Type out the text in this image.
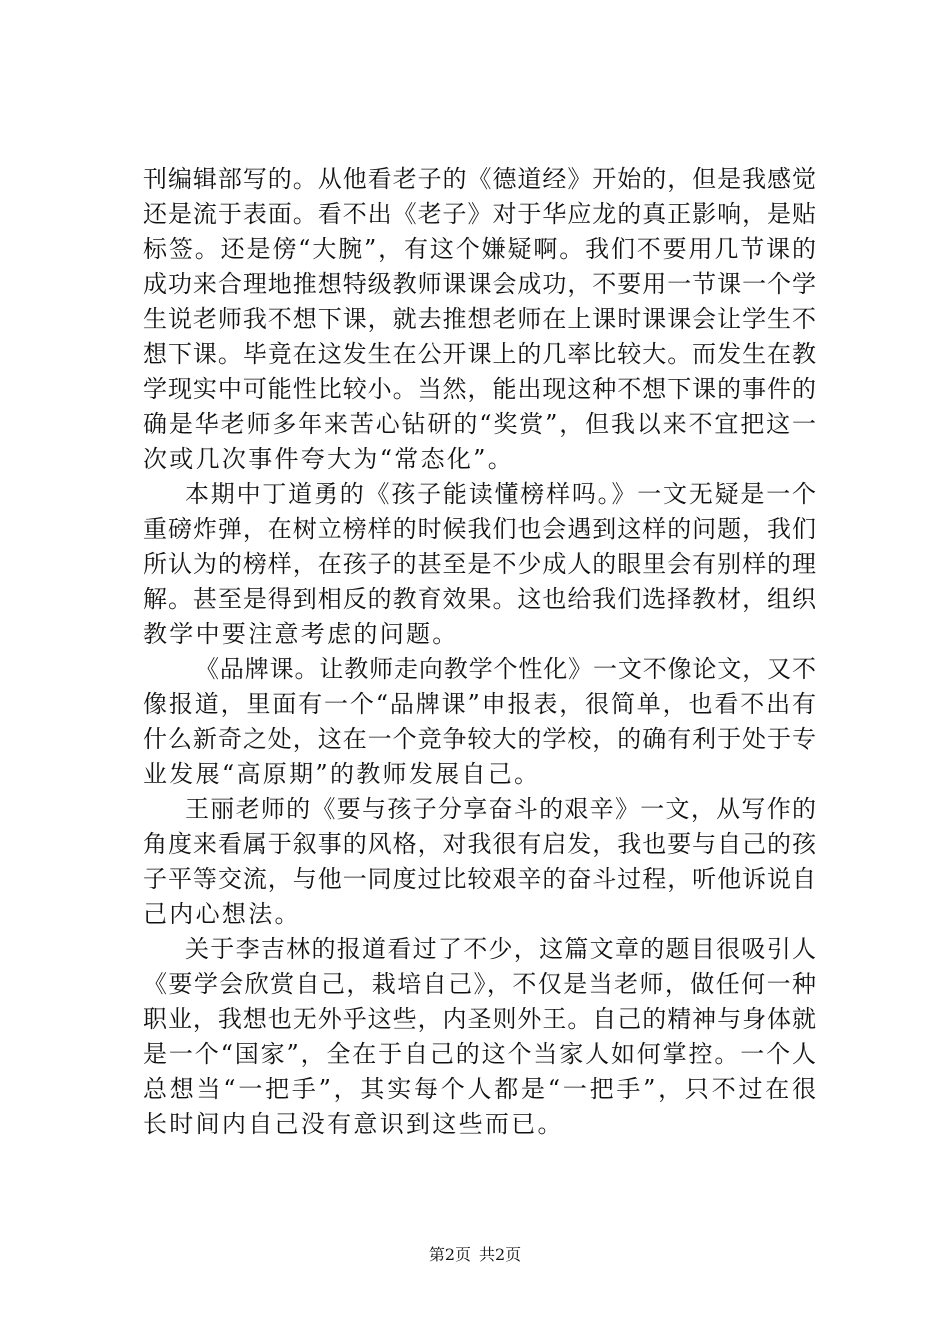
刊编辑部写的。从他看老子的《德道经》开始的，但是我感觉
还是流于表面。看不出《老子》对于华应龙的真正影响，是贴
标签。还是傍“大腕”，有这个嫌疑啊。我们不要用几节课的
成功来合理地推想特级教师课课会成功，不要用一节课一个学
生说老师我不想下课，就去推想老师在上课时课课会让学生不
想下课。毕竟在这发生在公开课上的几率比较大。而发生在教
学现实中可能性比较小。当然，能出现这种不想下课的事件的
确是华老师多年来苦心钻研的“奖赏”，但我以来不宜把这一
次或几次事件夸大为“常态化”。
本期中丁道勇的《孩子能读懂榜样吗。》一文无疑是一个
重磅炸弹，在树立榜样的时候我们也会遇到这样的问题，我们
所认为的榜样，在孩子的甚至是不少成人的眼里会有别样的理
解。甚至是得到相反的教育效果。这也给我们选择教材，组织
教学中要注意考虑的问题。
《品牌课。让教师走向教学个性化》一文不像论文，又不
像报道，里面有一个“品牌课”申报表，很简单，也看不出有
什么新奇之处，这在一个竞争较大的学校，的确有利于处于专
业发展“高原期”的教师发展自己。
王丽老师的《要与孩子分享奋斗的艰辛》一文，从写作的
角度来看属于叙事的风格，对我很有启发，我也要与自己的孩
子平等交流，与他一同度过比较艰辛的奋斗过程，听他诉说自
己内心想法。
关于李吉林的报道看过了不少，这篇文章的题目很吸引人
《要学会欣赏自己，栽培自己》，不仅是当老师，做任何一种
职业，我想也无外乎这些，内圣则外王。自己的精神与身体就
是一个“国家”，全在于自己的这个当家人如何掌控。一个人
总想当“一把手”，其实每个人都是“一把手”，只不过在很
长时间内自己没有意识到这些而已。
第2页 共2页
